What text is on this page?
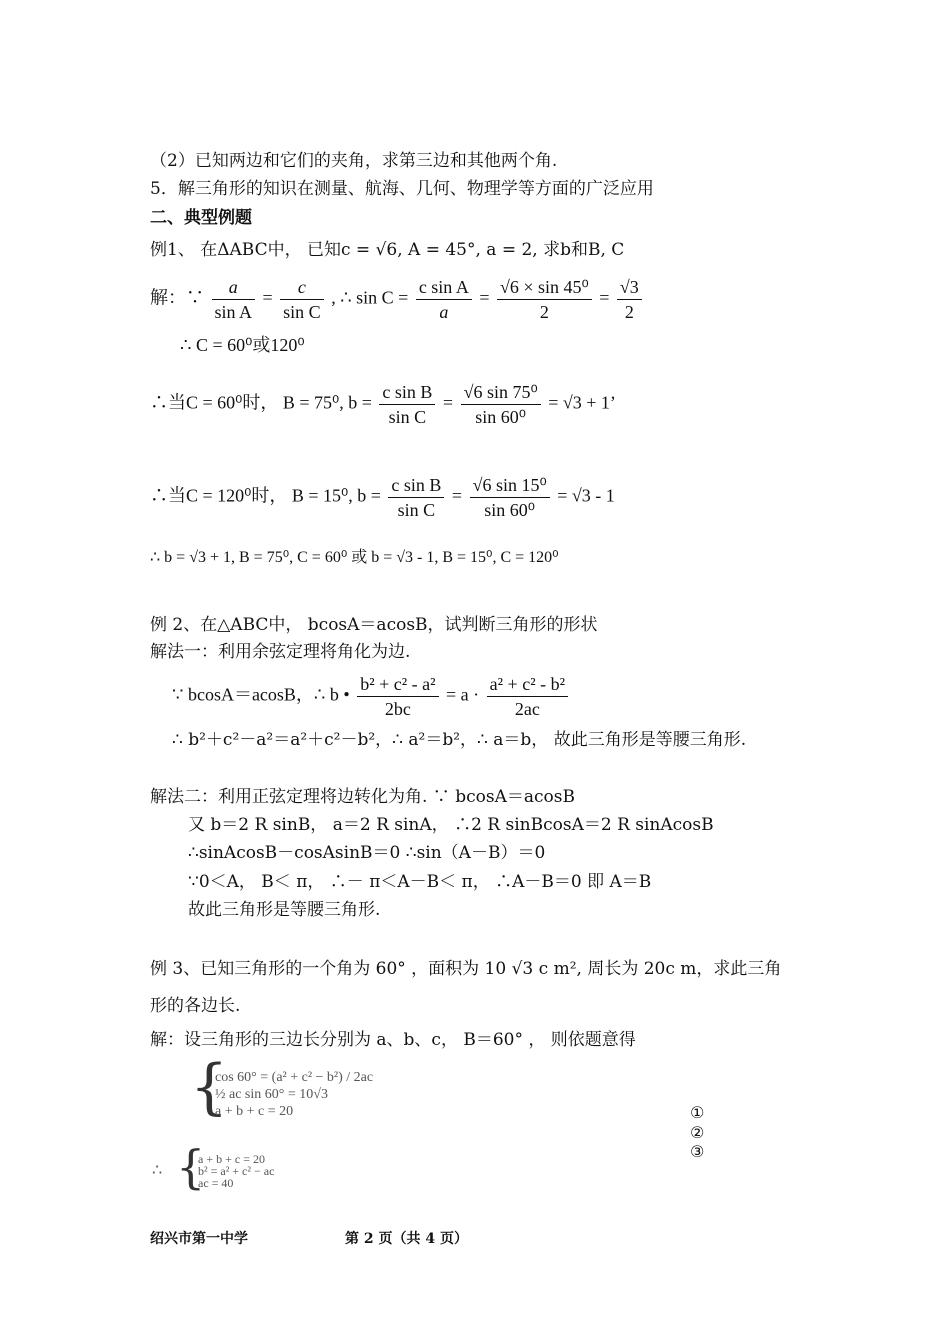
（2）已知两边和它们的夹角，求第三边和其他两个角.
5．解三角形的知识在测量、航海、几何、物理学等方面的广泛应用
二、典型例题
例1、 在ΔABC中， 已知c = √6, A = 45°, a = 2, 求b和B, C
解：∵ $\frac{a}{\text{sin A}} = \frac{c}{\text{sin C}}$ , ∴ $\sin C = \frac{\text{c sin A}}{a} = \frac{\text{√6 × sin 45⁰}}{2} = \frac{√3}{2}$
∴ C = 60⁰或120⁰
∴当C = 60⁰时， B = 75⁰, $b = \frac{\text{c sin B}}{\text{sin C}} = \frac{\text{√6 sin 75⁰}}{\text{sin 60⁰}} = √3 + 1$’
∴当C = 120⁰时， B = 15⁰, $b = \frac{\text{c sin B}}{\text{sin C}} = \frac{\text{√6 sin 15⁰}}{\text{sin 60⁰}} = √3 - 1$
∴ b = √3 + 1, B = 75⁰, C = 60⁰ 或 b = √3 - 1, B = 15⁰, C = 120⁰
例 2、在△ABC中， bcosA＝acosB，试判断三角形的形状
解法一：利用余弦定理将角化为边.
∵ bcosA＝acosB，∴ b • $\frac{\text{b² + c² - a²}}{2bc} = a \cdot \frac{\text{a² + c² - b²}}{2ac}$
∴ b²＋c²－a²＝a²＋c²－b²，∴ a²＝b²，∴ a＝b， 故此三角形是等腰三角形.
解法二：利用正弦定理将边转化为角. ∵ bcosA＝acosB
又 b＝2 R sinB， a＝2 R sinA， ∴2 R sinBcosA＝2 R sinAcosB
∴sinAcosB－cosAsinB＝0 ∴sin（A－B）＝0
∵0＜A， B＜ π， ∴－ π＜A－B＜ π， ∴A－B＝0 即 A＝B
故此三角形是等腰三角形.
例 3、已知三角形的一个角为 60° ，面积为 10 √3 c m², 周长为 20c m，求此三角
形的各边长.
解：设三角形的三边长分别为 a、b、c， B＝60° ， 则依题意得
{
cos 60° = (a² + c² − b²) / 2ac
½ ac sin 60° = 10√3
a + b + c = 20	①
②
③
∴ {
a + b + c = 20
b² = a² + c² − ac
ac = 40
绍兴市第一中学	第 2 页（共 4 页）
